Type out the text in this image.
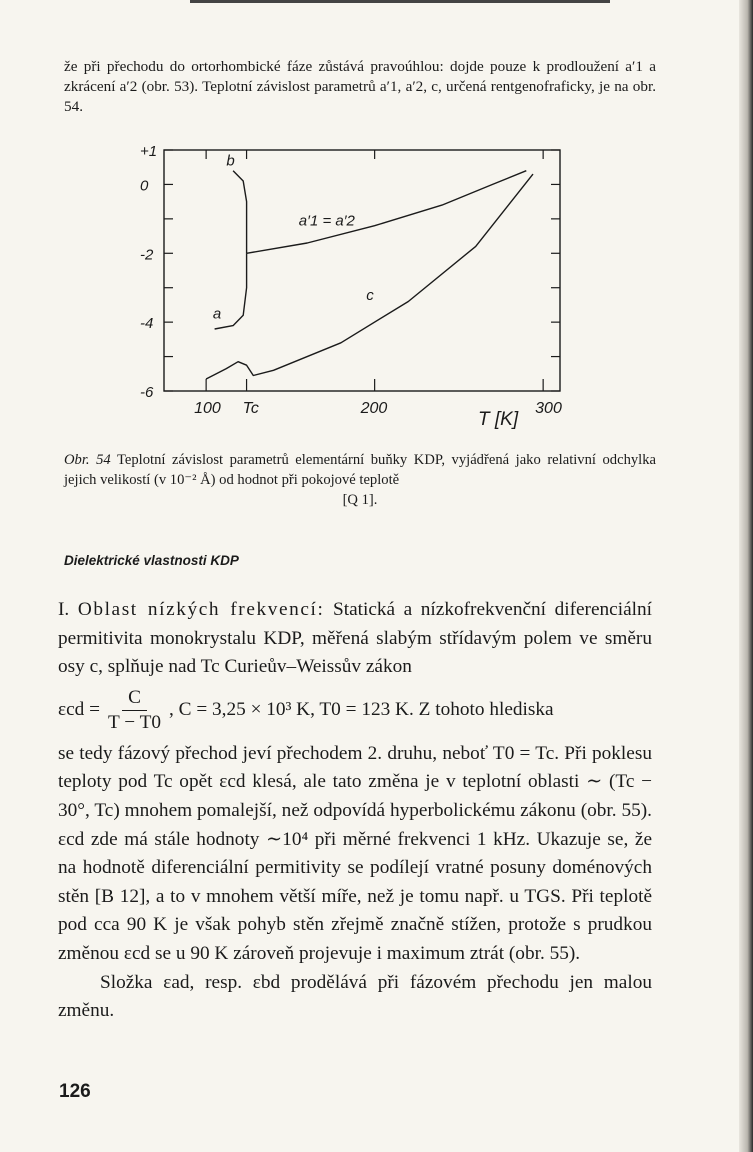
že při přechodu do ortorhombické fáze zůstává pravoúhlou: dojde pouze k prodloužení a′1 a zkrácení a′2 (obr. 53). Teplotní závislost parametrů a′1, a′2, c, určená rentgenofraficky, je na obr. 54.

+1
0
-2
-4
-6
100 Tc	200	300
b
a
a′1 = a′2
c
T [K]

Obr. 54 Teplotní závislost parametrů elementární buňky KDP, vyjádřená jako relativní odchylka jejich velikostí (v 10⁻² Å) od hodnot při pokojové teplotě
[Q 1].

Dielektrické vlastnosti KDP

I. Oblast nízkých frekvencí: Statická a nízkofrekvenční diferenciální permitivita monokrystalu KDP, měřená slabým střídavým polem ve směru osy c, splňuje nad Tc Curieův–Weissův zákon

$\varepsilon cd = \frac{C}{T - T0}$ , C = 3,25 × 10³ K, T0 = 123 K. Z tohoto hlediska

se tedy fázový přechod jeví přechodem 2. druhu, neboť T0 = Tc. Při poklesu teploty pod Tc opět εcd klesá, ale tato změna je v teplotní oblasti ∼ (Tc − 30°, Tc) mnohem pomalejší, než odpovídá hyperbolickému zákonu (obr. 55). εcd zde má stále hodnoty ∼10⁴ při měrné frekvenci 1 kHz. Ukazuje se, že na hodnotě diferenciální permitivity se podílejí vratné posuny doménových stěn [B 12], a to v mnohem větší míře, než je tomu např. u TGS. Při teplotě pod cca 90 K je však pohyb stěn zřejmě značně stížen, protože s prudkou změnou εcd se u 90 K zároveň projevuje i maximum ztrát (obr. 55).

Složka εad, resp. εbd prodělává při fázovém přechodu jen malou změnu.

126
